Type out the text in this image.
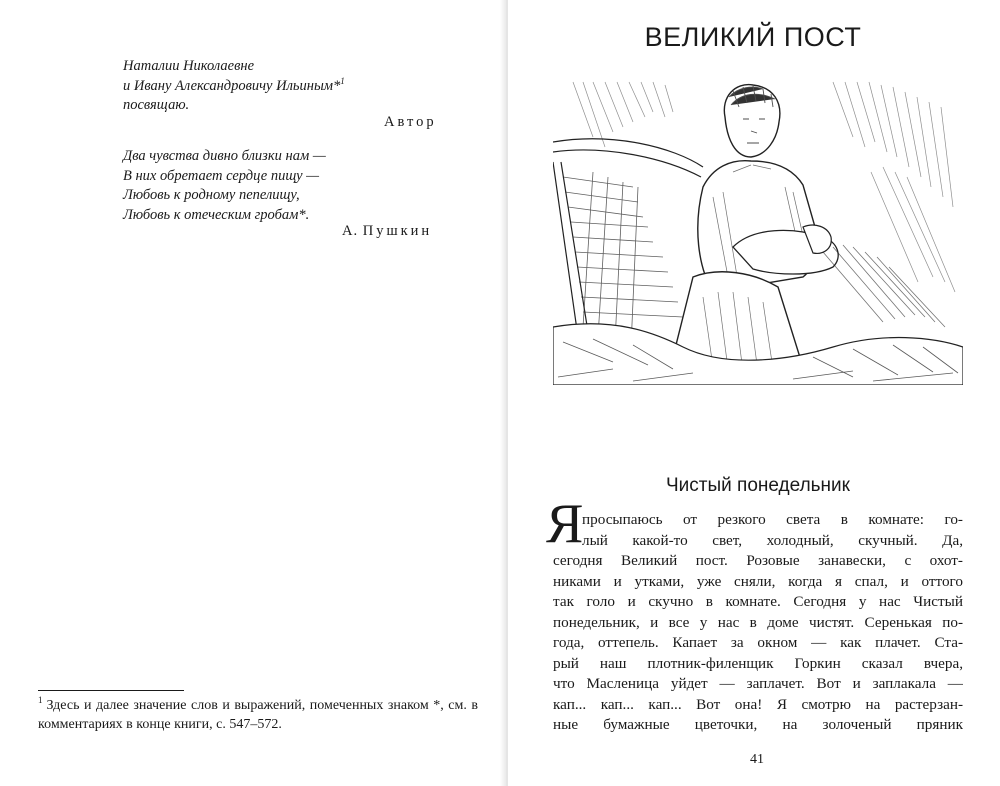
Наталии Николаевне
и Ивану Александровичу Ильиным*$^1$
посвящаю.
Автор
Два чувства дивно близки нам —
В них обретает сердце пищу —
Любовь к родному пепелищу,
Любовь к отеческим гробам*.
А. Пушкин
$^1$ Здесь и далее значение слов и выражений, помеченных знаком *, см. в комментариях в конце книги, с. 547–572.
ВЕЛИКИЙ ПОСТ
Чистый понедельник
Я
просыпаюсь от резкого света в комнате: го-
лый какой-то свет, холодный, скучный. Да,
сегодня Великий пост. Розовые занавески, с охот-
никами и утками, уже сняли, когда я спал, и оттого
так голо и скучно в комнате. Сегодня у нас Чистый
понедельник, и все у нас в доме чистят. Серенькая по-
года, оттепель. Капает за окном — как плачет. Ста-
рый наш плотник-филенщик Горкин сказал вчера,
что Масленица уйдет — заплачет. Вот и заплакала —
кап... кап... кап... Вот она! Я смотрю на растерзан-
ные бумажные цветочки, на золоченый пряник
41
